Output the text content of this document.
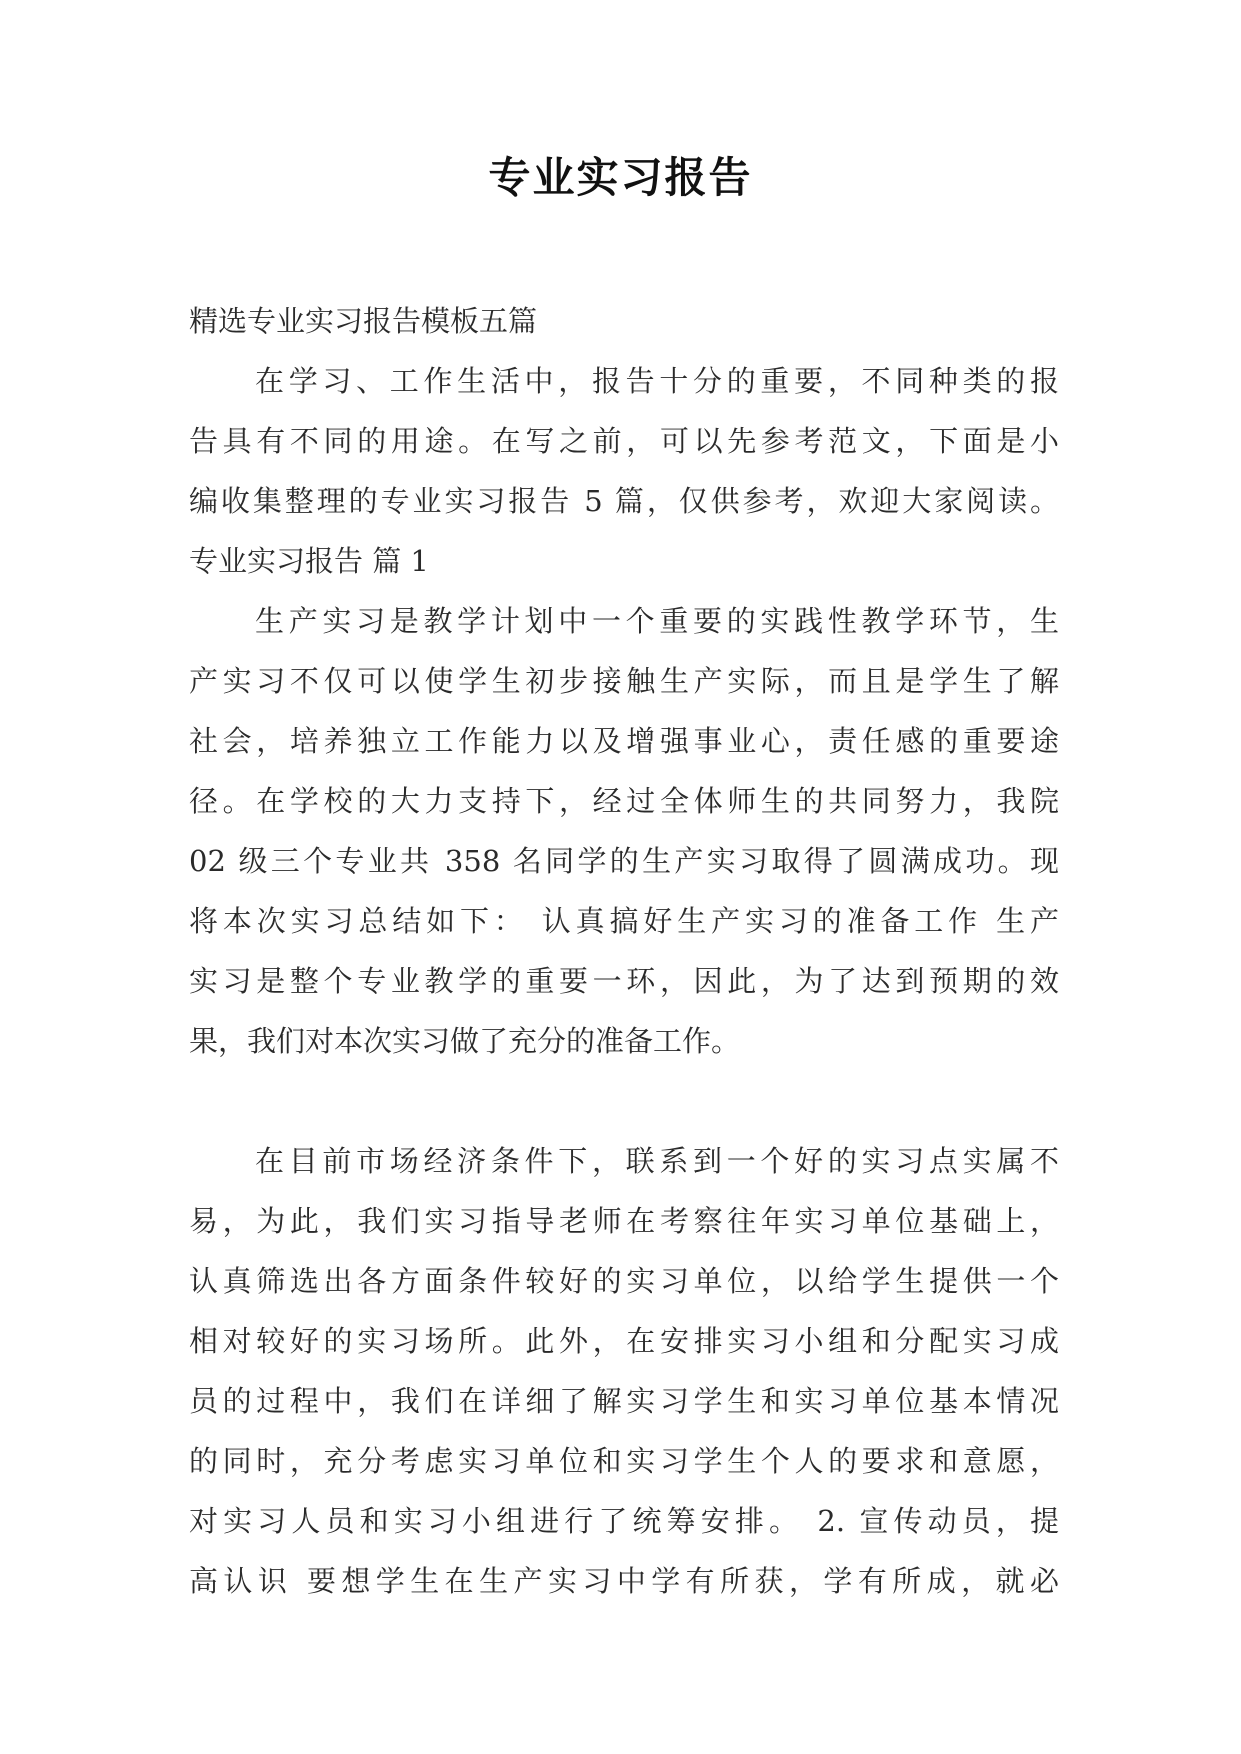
专业实习报告
精选专业实习报告模板五篇
在学习、工作生活中，报告十分的重要，不同种类的报
告具有不同的用途。在写之前，可以先参考范文，下面是小
编收集整理的专业实习报告 5 篇，仅供参考，欢迎大家阅读。
专业实习报告 篇 1
生产实习是教学计划中一个重要的实践性教学环节，生
产实习不仅可以使学生初步接触生产实际，而且是学生了解
社会，培养独立工作能力以及增强事业心，责任感的重要途
径。在学校的大力支持下，经过全体师生的共同努力，我院
02 级三个专业共 358 名同学的生产实习取得了圆满成功。现
将本次实习总结如下： 认真搞好生产实习的准备工作 生产
实习是整个专业教学的重要一环，因此，为了达到预期的效
果，我们对本次实习做了充分的准备工作。
在目前市场经济条件下，联系到一个好的实习点实属不
易，为此，我们实习指导老师在考察往年实习单位基础上，
认真筛选出各方面条件较好的实习单位，以给学生提供一个
相对较好的实习场所。此外，在安排实习小组和分配实习成
员的过程中，我们在详细了解实习学生和实习单位基本情况
的同时，充分考虑实习单位和实习学生个人的要求和意愿，
对实习人员和实习小组进行了统筹安排。 2. 宣传动员，提
高认识 要想学生在生产实习中学有所获，学有所成，就必
